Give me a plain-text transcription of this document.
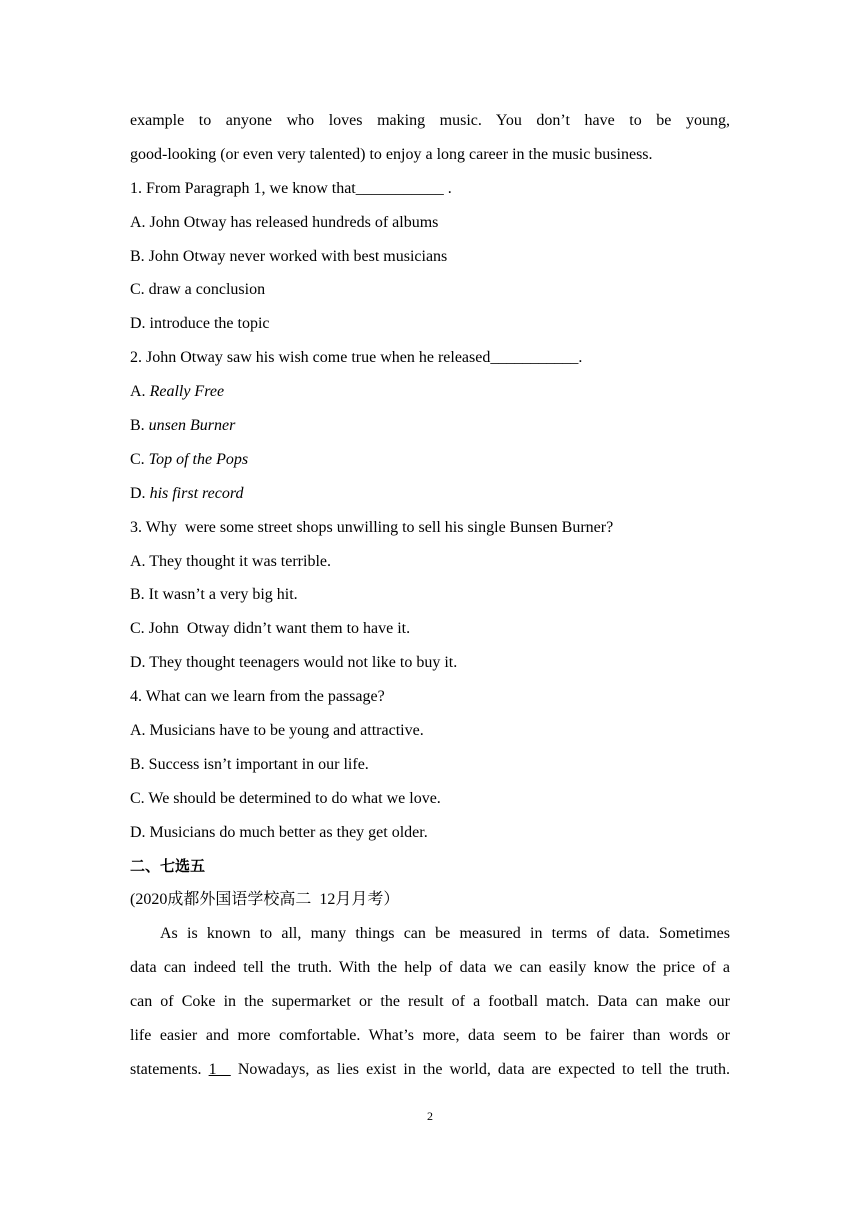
example to anyone who loves making music. You don’t have to be young,
good-looking (or even very talented) to enjoy a long career in the music business.
1. From Paragraph 1, we know that___________ .
A. John Otway has released hundreds of albums
B. John Otway never worked with best musicians
C. draw a conclusion
D. introduce the topic
2. John Otway saw his wish come true when he released___________.
A. Really Free
B. unsen Burner
C. Top of the Pops
D. his first record
3. Why  were some street shops unwilling to sell his single Bunsen Burner?
A. They thought it was terrible.
B. It wasn’t a very big hit.
C. John  Otway didn’t want them to have it.
D. They thought teenagers would not like to buy it.
4. What can we learn from the passage?
A. Musicians have to be young and attractive.
B. Success isn’t important in our life.
C. We should be determined to do what we love.
D. Musicians do much better as they get older.
二、七选五
(2020成都外国语学校高二  12月月考）
As is known to all, many things can be measured in terms of data. Sometimes
data can indeed tell the truth. With the help of data we can easily know the price of a
can of Coke in the supermarket or the result of a football match. Data can make our
life easier and more comfortable. What’s more, data seem to be fairer than words or
statements. 1   Nowadays, as lies exist in the world, data are expected to tell the truth.
2
